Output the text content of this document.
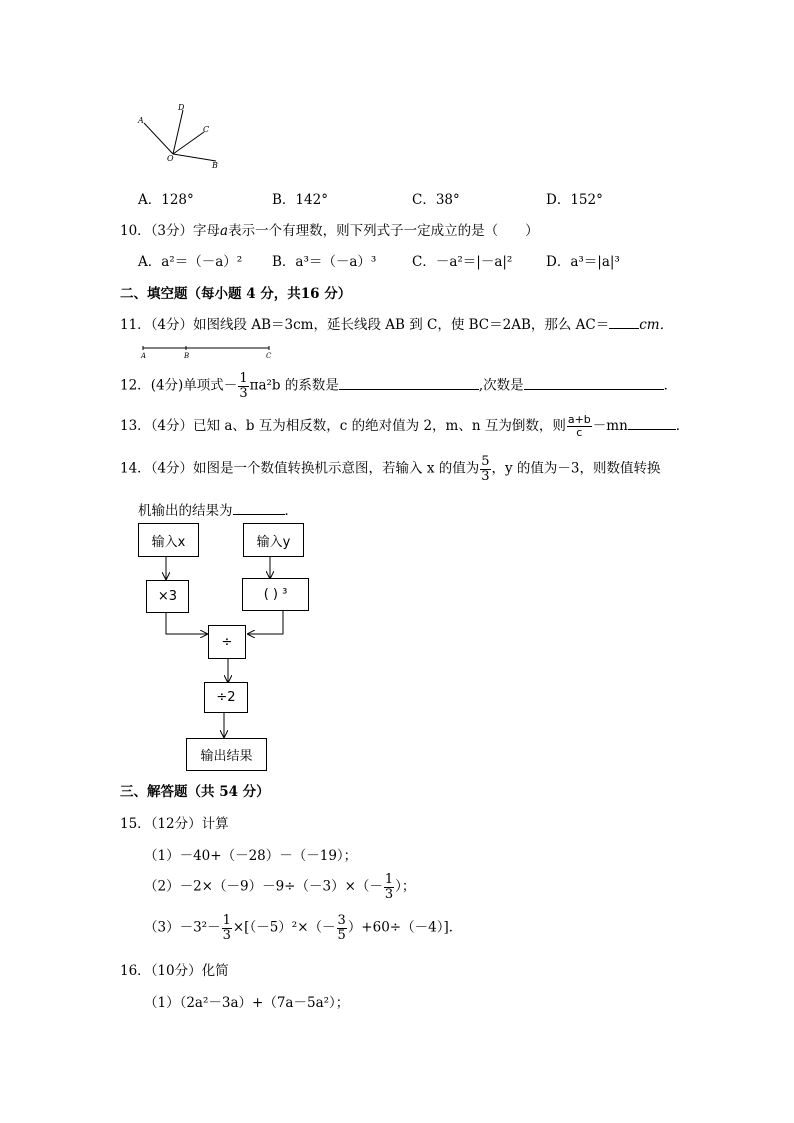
A
D
C
O
B
A．128°	B．142°	C．38°	D．152°
10．（3分）字母a表示一个有理数，则下列式子一定成立的是（　　）
A．a²＝（－a）² B．a³＝（－a）³	C．－a²＝|－a|² D．a³＝|a|³
二、填空题（每小题 4 分，共16 分）
11．（4分）如图线段 AB＝3cm，延长线段 AB 到 C，使 BC＝2AB，那么 AC＝ cm．
A	B	C
12．(4分)单项式－ $\frac{1}{3} \pi a^2b$ 的系数是	,次数是	．
13．（4分）已知 a、b 互为相反数，c 的绝对值为 2，m、n 互为倒数，则 $\frac{a+b}{c} -mn$	．
14．（4分）如图是一个数值转换机示意图，若输入 x 的值为 $\frac{5}{3}$ ，y 的值为－3，则数值转换
机输出的结果为	．
输入x	输入y
×3	( ) ³
÷
÷2
输出结果
三、解答题（共 54 分）
15．（12分）计算
（1）－40+（－28）－（－19）；
$(2)-2\times(-9)-9\div(-3)\times(- \frac{1}{3}$ ）；
$(3)-3^2- \frac{1}{3} \times[(-5)^2\times(- \frac{3}{5} )+60\div(-4)]$．
16．（10分）化简
（1）（2a²－3a）+（7a－5a²）；
